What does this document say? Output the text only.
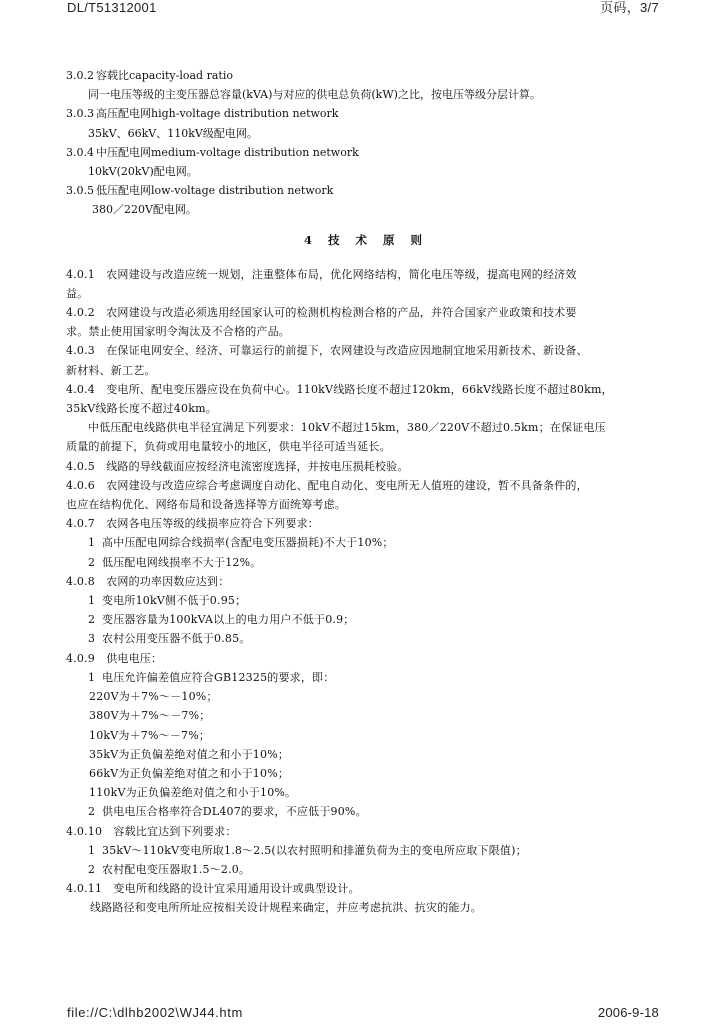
DL/T51312001	页码，3/7

3.0.2 容载比capacity-load ratio

同一电压等级的主变压器总容量(kVA)与对应的供电总负荷(kW)之比，按电压等级分层计算。

3.0.3 高压配电网high-voltage distribution network

35kV、66kV、110kV级配电网。

3.0.4 中压配电网medium-voltage distribution network

10kV(20kV)配电网。

3.0.5 低压配电网low-voltage distribution network

380／220V配电网。

4 技 术 原 则

4.0.1　农网建设与改造应统一规划，注重整体布局，优化网络结构，简化电压等级，提高电网的经济效

益。

4.0.2　农网建设与改造必须选用经国家认可的检测机构检测合格的产品，并符合国家产业政策和技术要

求。禁止使用国家明令淘汰及不合格的产品。

4.0.3　在保证电网安全、经济、可靠运行的前提下，农网建设与改造应因地制宜地采用新技术、新设备、

新材料、新工艺。

4.0.4　变电所、配电变压器应设在负荷中心。110kV线路长度不超过120km，66kV线路长度不超过80km，

35kV线路长度不超过40km。

中低压配电线路供电半径宜满足下列要求：10kV不超过15km，380／220V不超过0.5km；在保证电压

质量的前提下，负荷或用电量较小的地区，供电半径可适当延长。

4.0.5　线路的导线截面应按经济电流密度选择，并按电压损耗校验。

4.0.6　农网建设与改造应综合考虑调度自动化、配电自动化、变电所无人值班的建设，暂不具备条件的，

也应在结构优化、网络布局和设备选择等方面统筹考虑。

4.0.7　农网各电压等级的线损率应符合下列要求：

1 高中压配电网综合线损率(含配电变压器损耗)不大于10%；

2 低压配电网线损率不大于12%。

4.0.8　农网的功率因数应达到：

1 变电所10kV侧不低于0.95；

2 变压器容量为100kVA以上的电力用户不低于0.9；

3 农村公用变压器不低于0.85。

4.0.9　供电电压：

1 电压允许偏差值应符合GB12325的要求，即：

220V为＋7%～－10%；

380V为＋7%～－7%；

10kV为＋7%～－7%；

35kV为正负偏差绝对值之和小于10%；

66kV为正负偏差绝对值之和小于10%；

110kV为正负偏差绝对值之和小于10%。

2 供电电压合格率符合DL407的要求，不应低于90%。

4.0.10　容载比宜达到下列要求：

1 35kV～110kV变电所取1.8～2.5(以农村照明和排灌负荷为主的变电所应取下限值)；

2 农村配电变压器取1.5～2.0。

4.0.11　变电所和线路的设计宜采用通用设计或典型设计。

线路路径和变电所所址应按相关设计规程来确定，并应考虑抗洪、抗灾的能力。

file://C:\dlhb2002\WJ44.htm	2006-9-18
